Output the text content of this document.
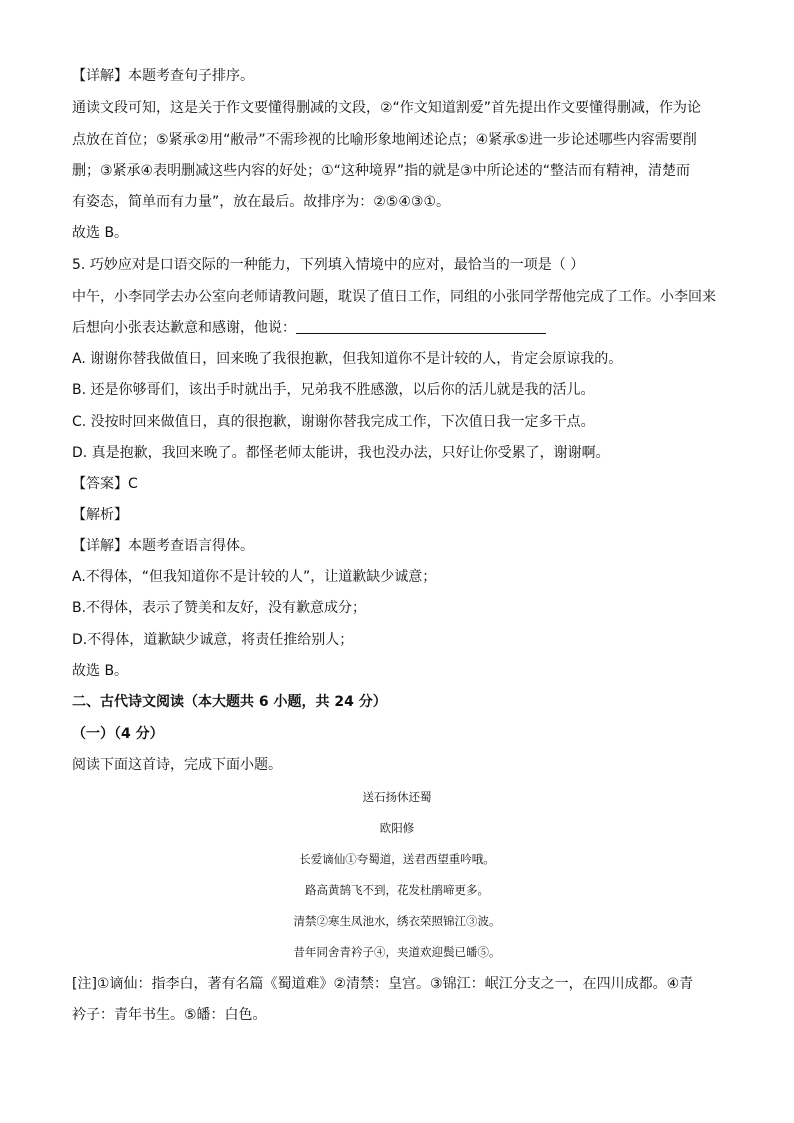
【详解】本题考查句子排序。
通读文段可知，这是关于作文要懂得删减的文段，②“作文知道割爱”首先提出作文要懂得删减，作为论
点放在首位；⑤紧承②用“敝帚”不需珍视的比喻形象地阐述论点；④紧承⑤进一步论述哪些内容需要削
删；③紧承④表明删减这些内容的好处；①“这种境界”指的就是③中所论述的“整洁而有精神，清楚而
有姿态，简单而有力量”，放在最后。故排序为：②⑤④③①。
故选 B。
5. 巧妙应对是口语交际的一种能力，下列填入情境中的应对，最恰当的一项是（ ）
中午，小李同学去办公室向老师请教问题，耽误了值日工作，同组的小张同学帮他完成了工作。小李回来
后想向小张表达歉意和感谢，他说：
A. 谢谢你替我做值日，回来晚了我很抱歉，但我知道你不是计较的人，肯定会原谅我的。
B. 还是你够哥们，该出手时就出手，兄弟我不胜感激，以后你的活儿就是我的活儿。
C. 没按时回来做值日，真的很抱歉，谢谢你替我完成工作，下次值日我一定多干点。
D. 真是抱歉，我回来晚了。都怪老师太能讲，我也没办法，只好让你受累了，谢谢啊。
【答案】C
【解析】
【详解】本题考查语言得体。
A.不得体，“但我知道你不是计较的人”，让道歉缺少诚意；
B.不得体，表示了赞美和友好，没有歉意成分；
D.不得体，道歉缺少诚意，将责任推给别人；
故选 B。
二、古代诗文阅读（本大题共 6 小题，共 24 分）
（一）（4 分）
阅读下面这首诗，完成下面小题。
送石扬休还蜀
欧阳修
长爱谪仙①夸蜀道，送君西望重吟哦。
路高黄鹄飞不到，花发杜鹃啼更多。
清禁②寒生凤池水，绣衣荣照锦江③波。
昔年同舍青衿子④，夹道欢迎鬓已皤⑤。
[注]①谪仙：指李白，著有名篇《蜀道难》②清禁：皇宫。③锦江：岷江分支之一，在四川成都。④青
衿子：青年书生。⑤皤：白色。
